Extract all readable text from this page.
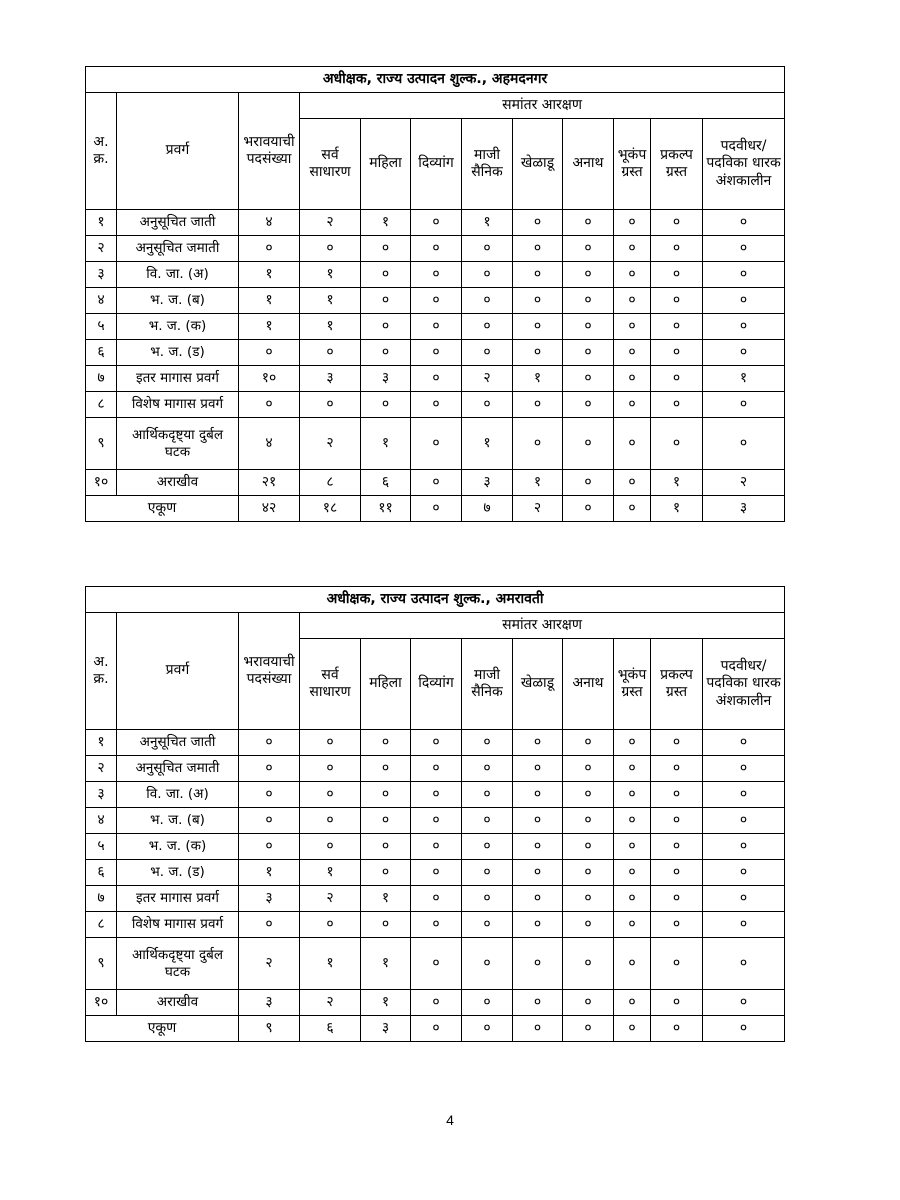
अधीक्षक, राज्य उत्पादन शुल्क., अहमदनगर											
अ. क्र.	प्रवर्ग	भरावयाची पदसंख्या	समांतर आरक्षण								
			सर्व साधारण	महिला	दिव्यांग	माजी सैनिक	खेळाडू	अनाथ	भूकंप ग्रस्त	प्रकल्प ग्रस्त	पदवीधर/ पदविका धारक अंशकालीन
१	अनुसूचित जाती	४	२	१	०	१	०	०	०	०	०
२	अनुसूचित जमाती	०	०	०	०	०	०	०	०	०	०
३	वि. जा. (अ)	१	१	०	०	०	०	०	०	०	०
४	भ. ज. (ब)	१	१	०	०	०	०	०	०	०	०
५	भ. ज. (क)	१	१	०	०	०	०	०	०	०	०
६	भ. ज. (ड)	०	०	०	०	०	०	०	०	०	०
७	इतर मागास प्रवर्ग	१०	३	३	०	२	१	०	०	०	१
८	विशेष मागास प्रवर्ग	०	०	०	०	०	०	०	०	०	०
९	आर्थिकदृष्ट्या दुर्बल घटक	४	२	१	०	१	०	०	०	०	०
१०	अराखीव	२१	८	६	०	३	१	०	०	१	२
एकूण		४२	१८	११	०	७	२	०	०	१	३
अधीक्षक, राज्य उत्पादन शुल्क., अमरावती											
अ. क्र.	प्रवर्ग	भरावयाची पदसंख्या	समांतर आरक्षण								
			सर्व साधारण	महिला	दिव्यांग	माजी सैनिक	खेळाडू	अनाथ	भूकंप ग्रस्त	प्रकल्प ग्रस्त	पदवीधर/ पदविका धारक अंशकालीन
१	अनुसूचित जाती	०	०	०	०	०	०	०	०	०	०
२	अनुसूचित जमाती	०	०	०	०	०	०	०	०	०	०
३	वि. जा. (अ)	०	०	०	०	०	०	०	०	०	०
४	भ. ज. (ब)	०	०	०	०	०	०	०	०	०	०
५	भ. ज. (क)	०	०	०	०	०	०	०	०	०	०
६	भ. ज. (ड)	१	१	०	०	०	०	०	०	०	०
७	इतर मागास प्रवर्ग	३	२	१	०	०	०	०	०	०	०
८	विशेष मागास प्रवर्ग	०	०	०	०	०	०	०	०	०	०
९	आर्थिकदृष्ट्या दुर्बल घटक	२	१	१	०	०	०	०	०	०	०
१०	अराखीव	३	२	१	०	०	०	०	०	०	०
एकूण		९	६	३	०	०	०	०	०	०	०
4
